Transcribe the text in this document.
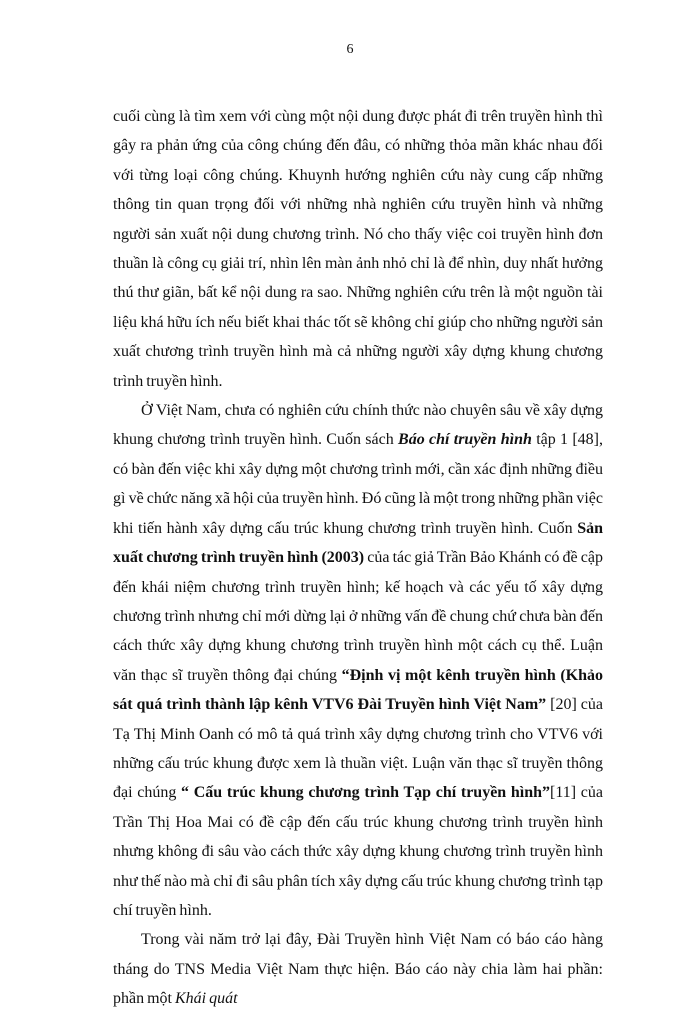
6

cuối cùng là tìm xem với cùng một nội dung được phát đi trên truyền hình thì gây ra phản ứng của công chúng đến đâu, có những thỏa mãn khác nhau đối với từng loại công chúng. Khuynh hướng nghiên cứu này cung cấp những thông tin quan trọng đối với những nhà nghiên cứu truyền hình và những người sản xuất nội dung chương trình. Nó cho thấy việc coi truyền hình đơn thuần là công cụ giải trí, nhìn lên màn ảnh nhỏ chỉ là để nhìn, duy nhất hưởng thú thư giãn, bất kể nội dung ra sao. Những nghiên cứu trên là một nguồn tài liệu khá hữu ích nếu biết khai thác tốt sẽ không chỉ giúp cho những người sản xuất chương trình truyền hình mà cả những người xây dựng khung chương trình truyền hình.

Ở Việt Nam, chưa có nghiên cứu chính thức nào chuyên sâu về xây dựng khung chương trình truyền hình. Cuốn sách Báo chí truyền hình tập 1 [48], có bàn đến việc khi xây dựng một chương trình mới, cần xác định những điều gì về chức năng xã hội của truyền hình. Đó cũng là một trong những phần việc khi tiến hành xây dựng cấu trúc khung chương trình truyền hình. Cuốn Sản xuất chương trình truyền hình (2003) của tác giả Trần Bảo Khánh có đề cập đến khái niệm chương trình truyền hình; kế hoạch và các yếu tố xây dựng chương trình nhưng chỉ mới dừng lại ở những vấn đề chung chứ chưa bàn đến cách thức xây dựng khung chương trình truyền hình một cách cụ thể. Luận văn thạc sĩ truyền thông đại chúng “Định vị một kênh truyền hình (Khảo sát quá trình thành lập kênh VTV6 Đài Truyền hình Việt Nam” [20] của Tạ Thị Minh Oanh có mô tả quá trình xây dựng chương trình cho VTV6 với những cấu trúc khung được xem là thuần việt. Luận văn thạc sĩ truyền thông đại chúng “ Cấu trúc khung chương trình Tạp chí truyền hình”[11] của Trần Thị Hoa Mai có đề cập đến cấu trúc khung chương trình truyền hình nhưng không đi sâu vào cách thức xây dựng khung chương trình truyền hình như thế nào mà chỉ đi sâu phân tích xây dựng cấu trúc khung chương trình tạp chí truyền hình.

Trong vài năm trở lại đây, Đài Truyền hình Việt Nam có báo cáo hàng tháng do TNS Media Việt Nam thực hiện. Báo cáo này chia làm hai phần: phần một Khái quát
